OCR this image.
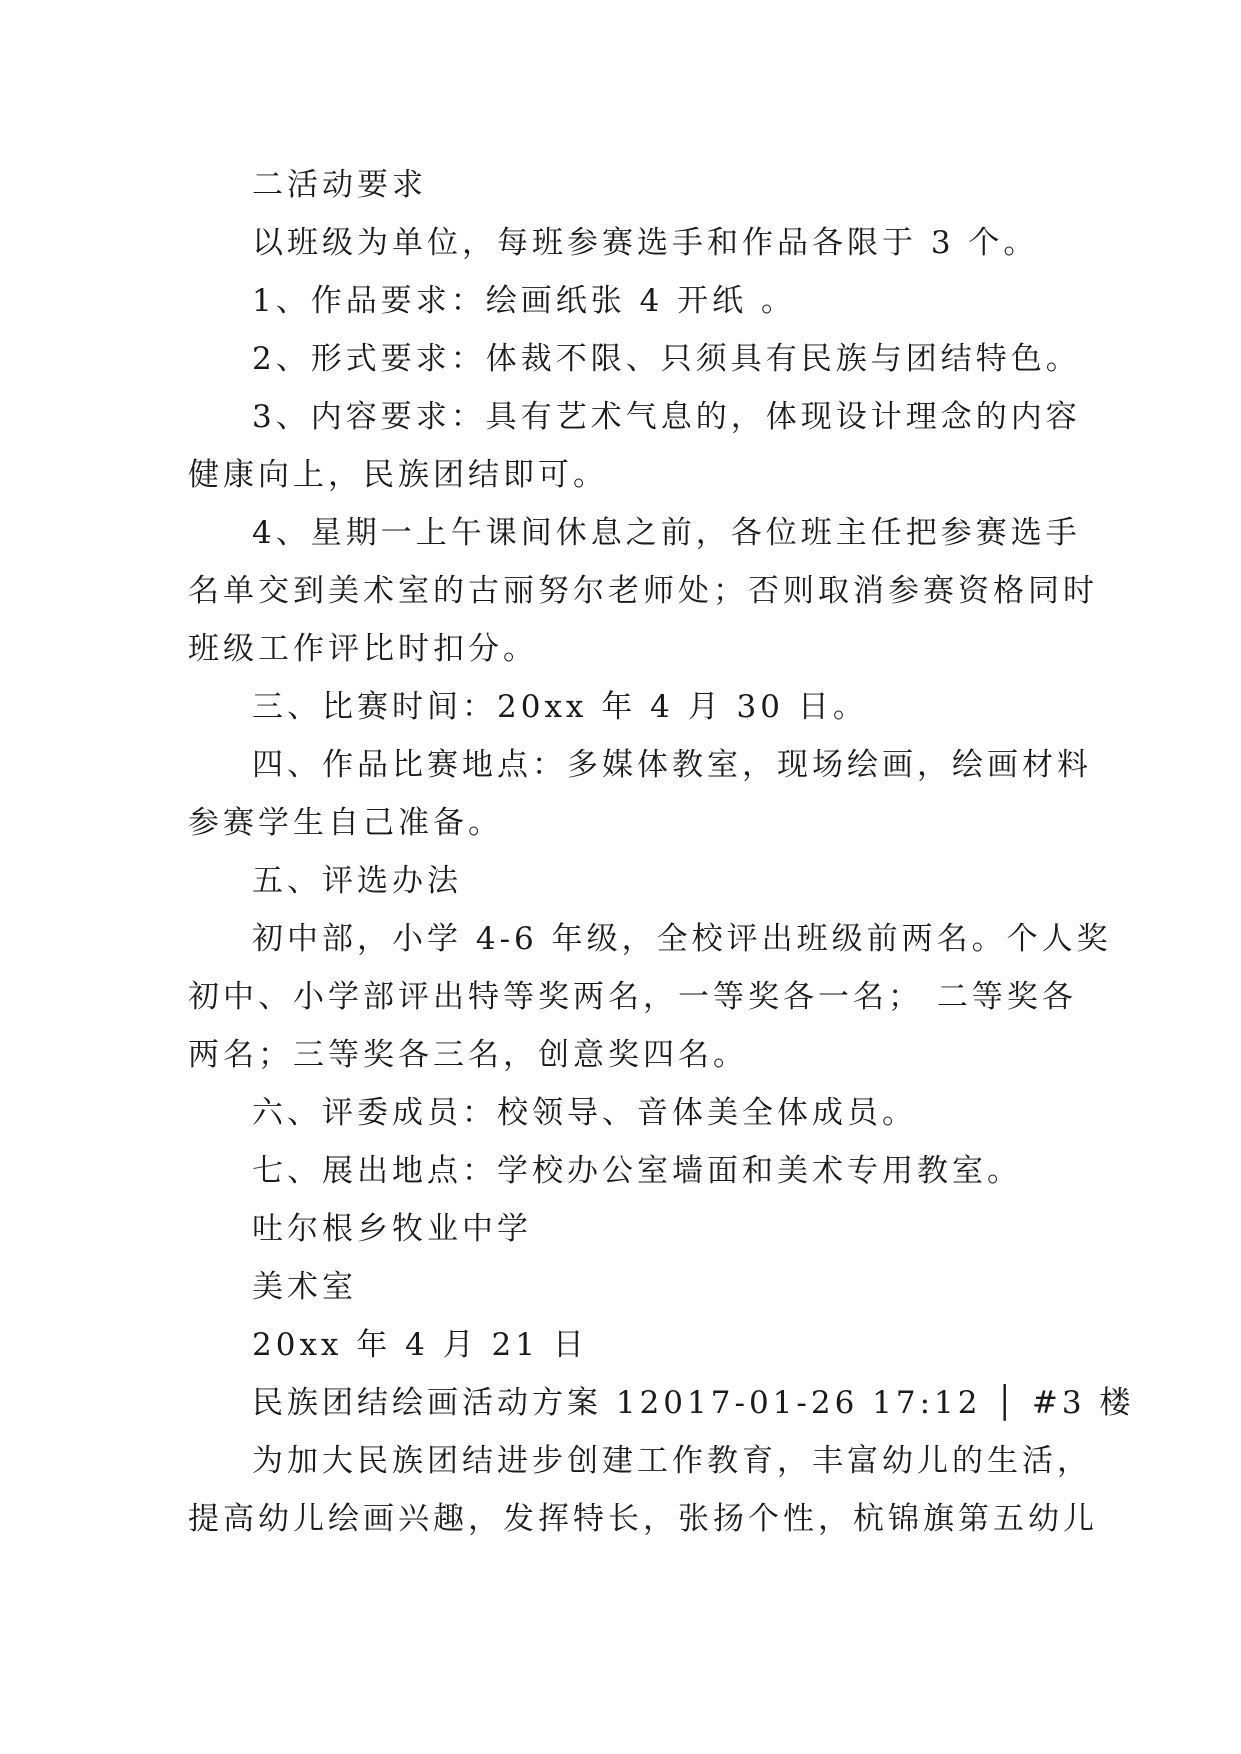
二活动要求
以班级为单位，每班参赛选手和作品各限于 3 个。
1、作品要求：绘画纸张 4 开纸 。
2、形式要求：体裁不限、只须具有民族与团结特色。
3、内容要求：具有艺术气息的，体现设计理念的内容
健康向上，民族团结即可。
4、星期一上午课间休息之前，各位班主任把参赛选手
名单交到美术室的古丽努尔老师处；否则取消参赛资格同时
班级工作评比时扣分。
三、比赛时间：20xx 年 4 月 30 日。
四、作品比赛地点：多媒体教室，现场绘画，绘画材料
参赛学生自己准备。
五、评选办法
初中部，小学 4-6 年级，全校评出班级前两名。个人奖
初中、小学部评出特等奖两名，一等奖各一名； 二等奖各
两名；三等奖各三名，创意奖四名。
六、评委成员：校领导、音体美全体成员。
七、展出地点：学校办公室墙面和美术专用教室。
吐尔根乡牧业中学
美术室
20xx 年 4 月 21 日
民族团结绘画活动方案 12017-01-26 17:12 │ #3 楼
为加大民族团结进步创建工作教育，丰富幼儿的生活，
提高幼儿绘画兴趣，发挥特长，张扬个性，杭锦旗第五幼儿
